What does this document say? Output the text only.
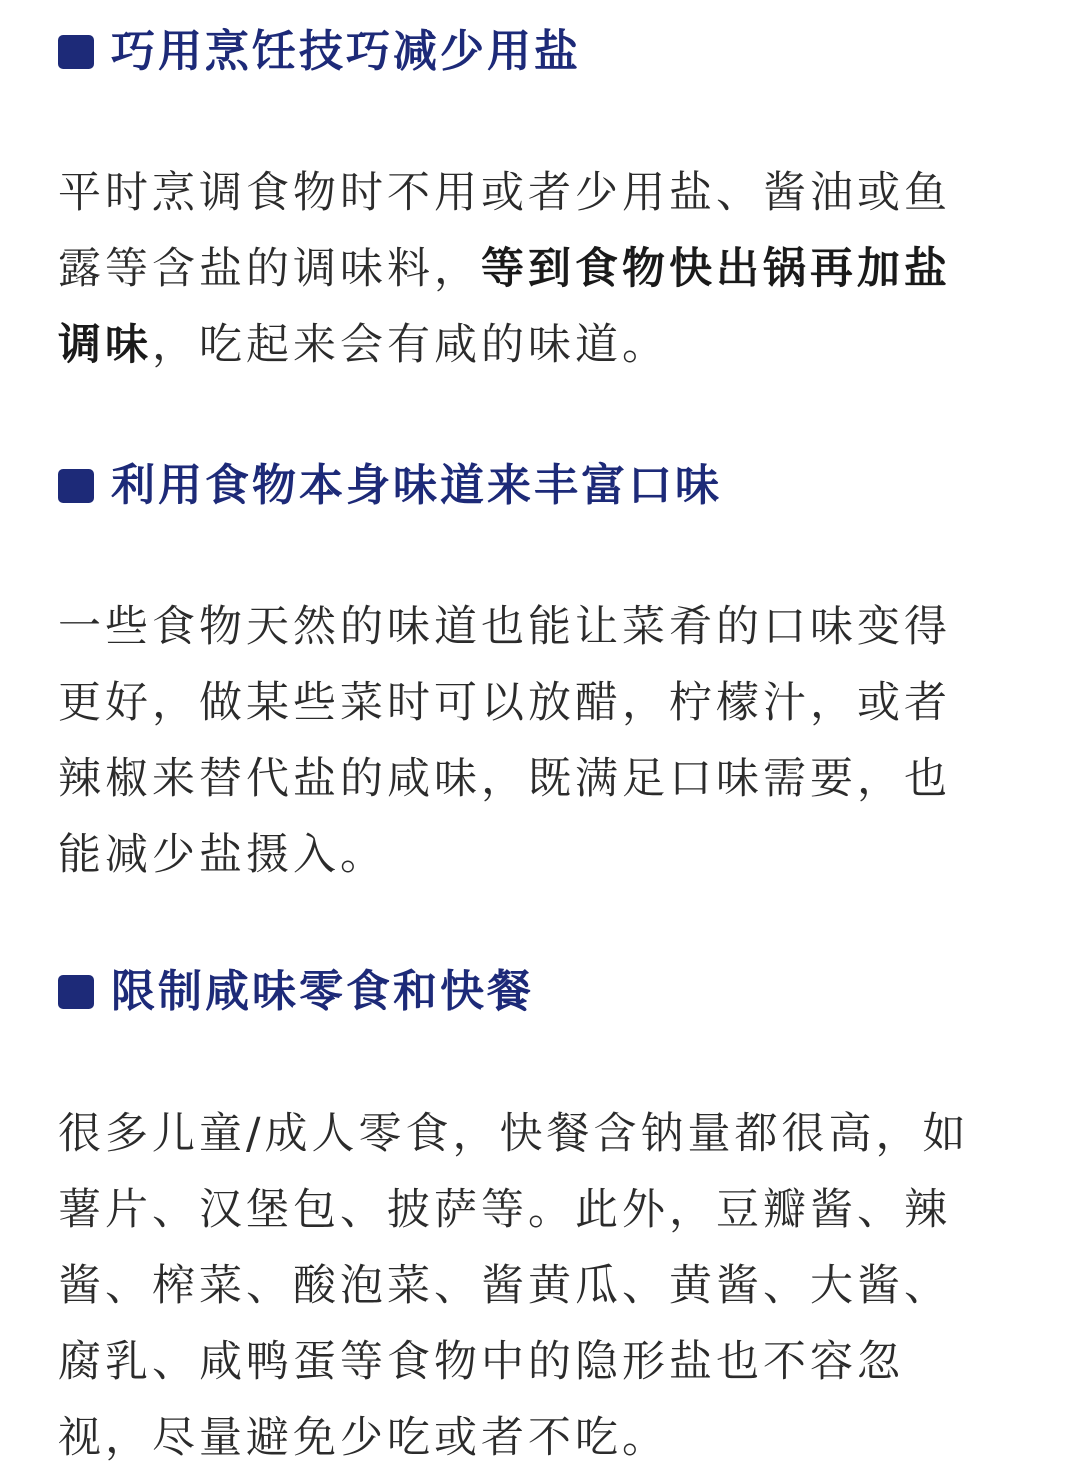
巧用烹饪技巧减少用盐

平时烹调食物时不用或者少用盐、酱油或鱼
露等含盐的调味料，等到食物快出锅再加盐
调味，吃起来会有咸的味道。

利用食物本身味道来丰富口味

一些食物天然的味道也能让菜肴的口味变得
更好，做某些菜时可以放醋，柠檬汁，或者
辣椒来替代盐的咸味，既满足口味需要，也
能减少盐摄入。

限制咸味零食和快餐

很多儿童/成人零食，快餐含钠量都很高，如
薯片、汉堡包、披萨等。此外，豆瓣酱、辣
酱、榨菜、酸泡菜、酱黄瓜、黄酱、大酱、
腐乳、咸鸭蛋等食物中的隐形盐也不容忽
视，尽量避免少吃或者不吃。
